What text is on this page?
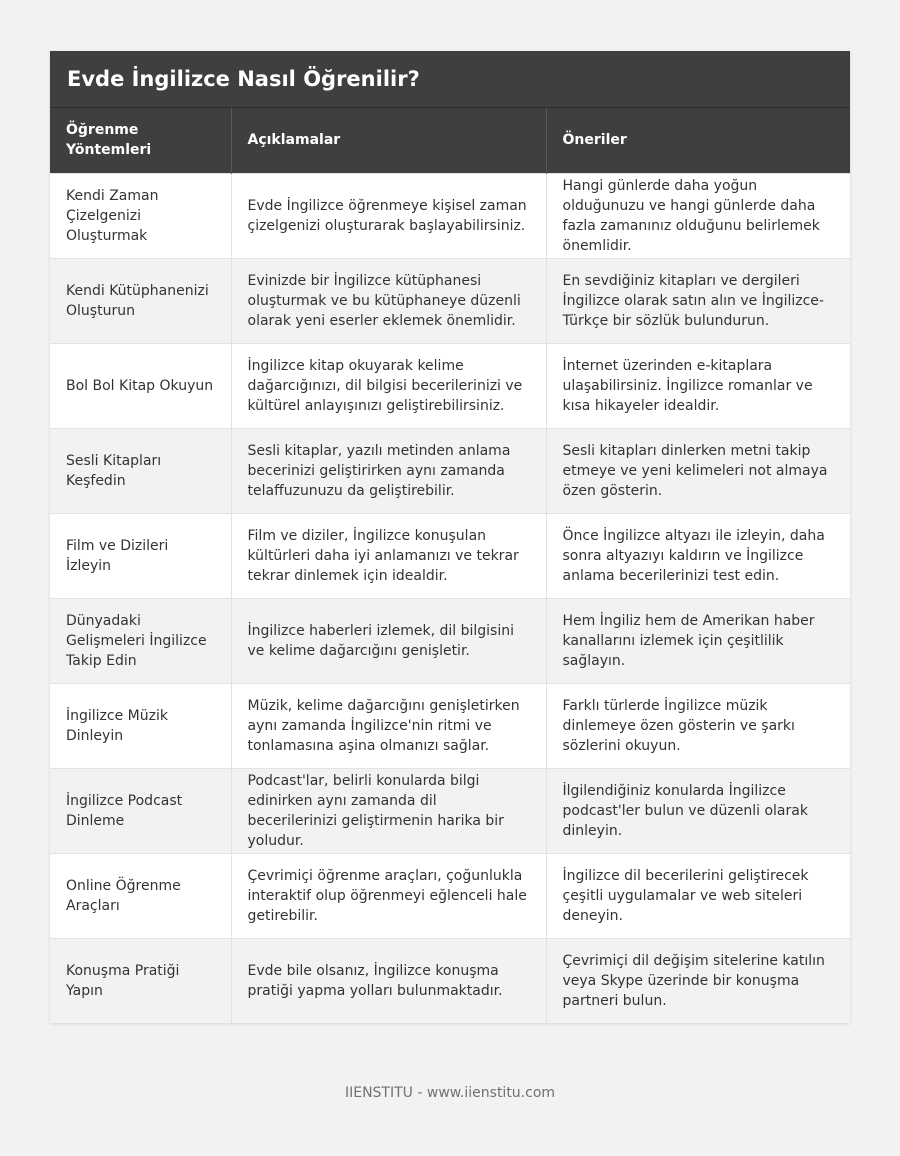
Evde İngilizce Nasıl Öğrenilir?
Öğrenme Yöntemleri	Açıklamalar	Öneriler
Kendi Zaman Çizelgenizi Oluşturmak	Evde İngilizce öğrenmeye kişisel zaman çizelgenizi oluşturarak başlayabilirsiniz.	Hangi günlerde daha yoğun olduğunuzu ve hangi günlerde daha fazla zamanınız olduğunu belirlemek önemlidir.
Kendi Kütüphanenizi Oluşturun	Evinizde bir İngilizce kütüphanesi oluşturmak ve bu kütüphaneye düzenli olarak yeni eserler eklemek önemlidir.	En sevdiğiniz kitapları ve dergileri İngilizce olarak satın alın ve İngilizce-Türkçe bir sözlük bulundurun.
Bol Bol Kitap Okuyun	İngilizce kitap okuyarak kelime dağarcığınızı, dil bilgisi becerilerinizi ve kültürel anlayışınızı geliştirebilirsiniz.	İnternet üzerinden e-kitaplara ulaşabilirsiniz. İngilizce romanlar ve kısa hikayeler idealdir.
Sesli Kitapları Keşfedin	Sesli kitaplar, yazılı metinden anlama becerinizi geliştirirken aynı zamanda telaffuzunuzu da geliştirebilir.	Sesli kitapları dinlerken metni takip etmeye ve yeni kelimeleri not almaya özen gösterin.
Film ve Dizileri İzleyin	Film ve diziler, İngilizce konuşulan kültürleri daha iyi anlamanızı ve tekrar tekrar dinlemek için idealdir.	Önce İngilizce altyazı ile izleyin, daha sonra altyazıyı kaldırın ve İngilizce anlama becerilerinizi test edin.
Dünyadaki Gelişmeleri İngilizce Takip Edin	İngilizce haberleri izlemek, dil bilgisini ve kelime dağarcığını genişletir.	Hem İngiliz hem de Amerikan haber kanallarını izlemek için çeşitlilik sağlayın.
İngilizce Müzik Dinleyin	Müzik, kelime dağarcığını genişletirken aynı zamanda İngilizce'nin ritmi ve tonlamasına aşina olmanızı sağlar.	Farklı türlerde İngilizce müzik dinlemeye özen gösterin ve şarkı sözlerini okuyun.
İngilizce Podcast Dinleme	Podcast'lar, belirli konularda bilgi edinirken aynı zamanda dil becerilerinizi geliştirmenin harika bir yoludur.	İlgilendiğiniz konularda İngilizce podcast'ler bulun ve düzenli olarak dinleyin.
Online Öğrenme Araçları	Çevrimiçi öğrenme araçları, çoğunlukla interaktif olup öğrenmeyi eğlenceli hale getirebilir.	İngilizce dil becerilerini geliştirecek çeşitli uygulamalar ve web siteleri deneyin.
Konuşma Pratiği Yapın	Evde bile olsanız, İngilizce konuşma pratiği yapma yolları bulunmaktadır.	Çevrimiçi dil değişim sitelerine katılın veya Skype üzerinde bir konuşma partneri bulun.
IIENSTITU - www.iienstitu.com
